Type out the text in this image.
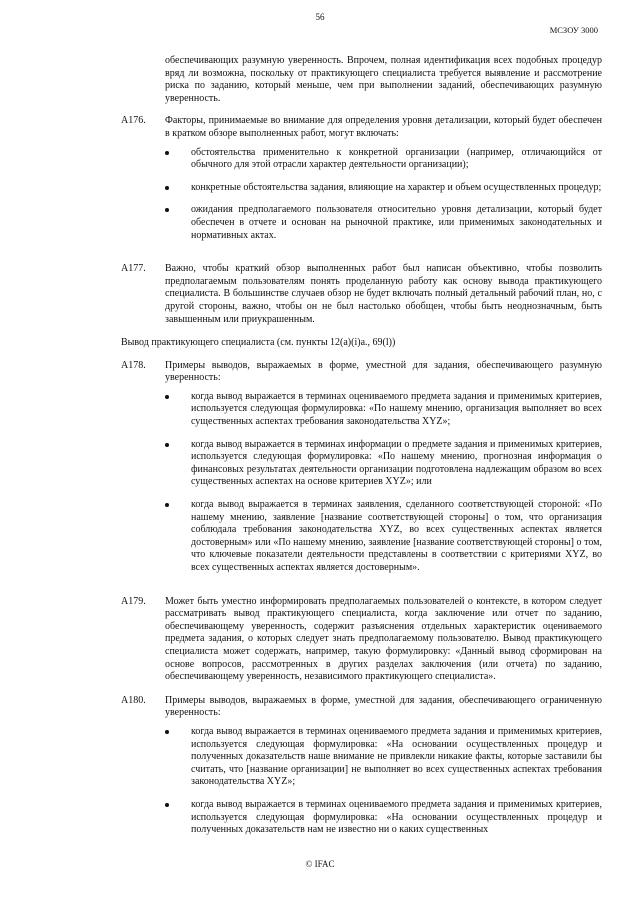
56
МСЗОУ 3000
обеспечивающих разумную уверенность. Впрочем, полная идентификация всех подобных процедур вряд ли возможна, поскольку от практикующего специалиста требуется выявление и рассмотрение риска по заданию, который меньше, чем при выполнении заданий, обеспечивающих разумную уверенность.
A176.	Факторы, принимаемые во внимание для определения уровня детализации, который будет обеспечен в кратком обзоре выполненных работ, могут включать:
обстоятельства применительно к конкретной организации (например, отличающийся от обычного для этой отрасли характер деятельности организации);
конкретные обстоятельства задания, влияющие на характер и объем осуществленных процедур;
ожидания предполагаемого пользователя относительно уровня детализации, который будет обеспечен в отчете и основан на рыночной практике, или применимых законодательных и нормативных актах.
A177.	Важно, чтобы краткий обзор выполненных работ был написан объективно, чтобы позволить предполагаемым пользователям понять проделанную работу как основу вывода практикующего специалиста. В большинстве случаев обзор не будет включать полный детальный рабочий план, но, с другой стороны, важно, чтобы он не был настолько обобщен, чтобы быть неоднозначным, быть завышенным или приукрашенным.
Вывод практикующего специалиста (см. пункты 12(а)(i)а., 69(l))
A178.	Примеры выводов, выражаемых в форме, уместной для задания, обеспечивающего разумную уверенность:
когда вывод выражается в терминах оцениваемого предмета задания и применимых критериев, используется следующая формулировка: «По нашему мнению, организация выполняет во всех существенных аспектах требования законодательства XYZ»;
когда вывод выражается в терминах информации о предмете задания и применимых критериев, используется следующая формулировка: «По нашему мнению, прогнозная информация о финансовых результатах деятельности организации подготовлена надлежащим образом во всех существенных аспектах на основе критериев XYZ»; или
когда вывод выражается в терминах заявления, сделанного соответствующей стороной: «По нашему мнению, заявление [название соответствующей стороны] о том, что организация соблюдала требования законодательства XYZ, во всех существенных аспектах является достоверным» или «По нашему мнению, заявление [название соответствующей стороны] о том, что ключевые показатели деятельности представлены в соответствии с критериями XYZ, во всех существенных аспектах является достоверным».
A179.	Может быть уместно информировать предполагаемых пользователей о контексте, в котором следует рассматривать вывод практикующего специалиста, когда заключение или отчет по заданию, обеспечивающему уверенность, содержит разъяснения отдельных характеристик оцениваемого предмета задания, о которых следует знать предполагаемому пользователю. Вывод практикующего специалиста может содержать, например, такую формулировку: «Данный вывод сформирован на основе вопросов, рассмотренных в других разделах заключения (или отчета) по заданию, обеспечивающему уверенность, независимого практикующего специалиста».
A180.	Примеры выводов, выражаемых в форме, уместной для задания, обеспечивающего ограниченную уверенность:
когда вывод выражается в терминах оцениваемого предмета задания и применимых критериев, используется следующая формулировка: «На основании осуществленных процедур и полученных доказательств наше внимание не привлекли никакие факты, которые заставили бы считать, что [название организации] не выполняет во всех существенных аспектах требования законодательства XYZ»;
когда вывод выражается в терминах оцениваемого предмета задания и применимых критериев, используется следующая формулировка: «На основании осуществленных процедур и полученных доказательств нам не известно ни о каких существенных
© IFAC
